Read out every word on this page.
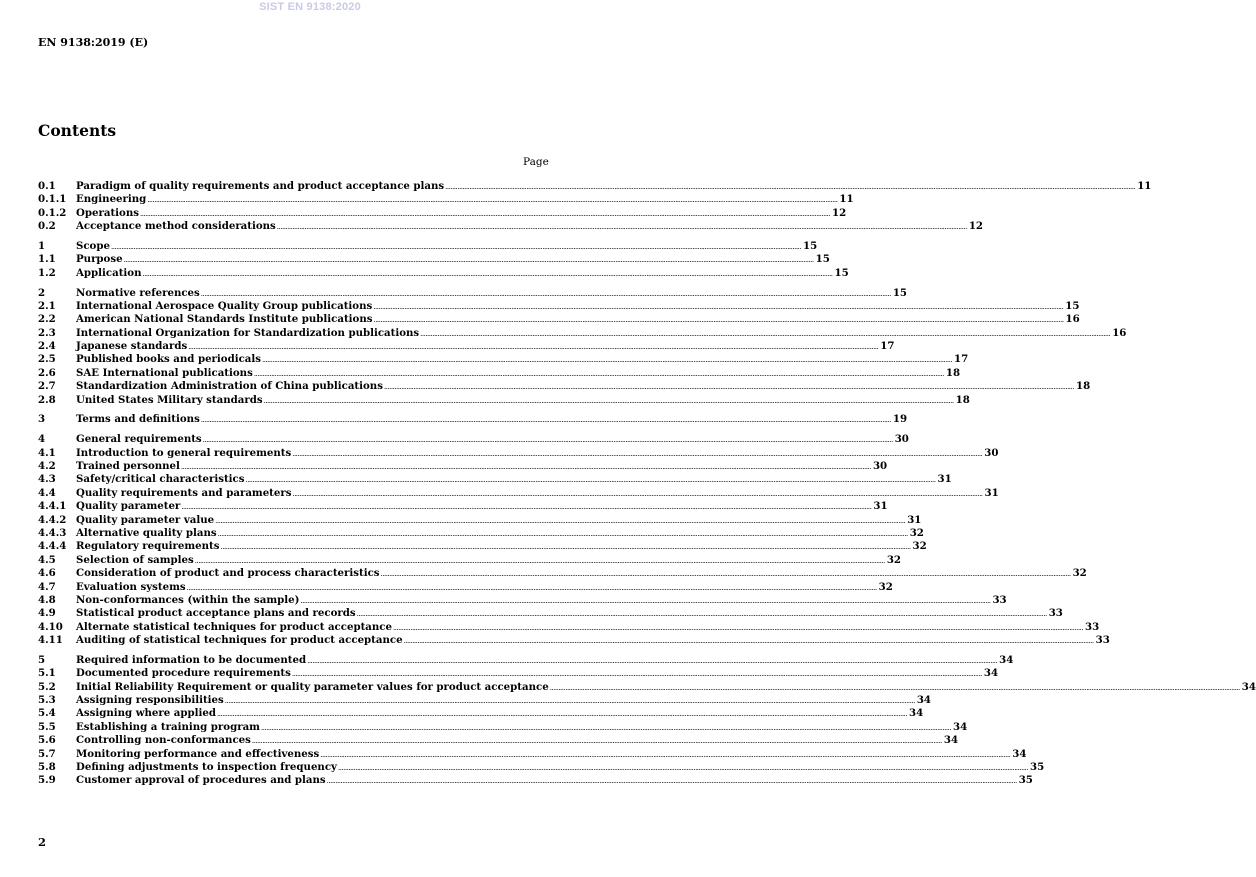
SIST EN 9138:2020
EN 9138:2019 (E)
Contents
Page
0.1	Paradigm of quality requirements and product acceptance plans ................................................................................................................................................................................................................................................................................................................................................................................................................ 11
0.1.1 Engineering ................................................................................................................................................................................................................................................................................................................................................................................................................ 11
0.1.2 Operations ................................................................................................................................................................................................................................................................................................................................................................................................................ 12
0.2	Acceptance method considerations ................................................................................................................................................................................................................................................................................................................................................................................................................ 12
1	Scope ................................................................................................................................................................................................................................................................................................................................................................................................................ 15
1.1	Purpose ................................................................................................................................................................................................................................................................................................................................................................................................................ 15
1.2	Application ................................................................................................................................................................................................................................................................................................................................................................................................................ 15
2	Normative references ................................................................................................................................................................................................................................................................................................................................................................................................................ 15
2.1	International Aerospace Quality Group publications ................................................................................................................................................................................................................................................................................................................................................................................................................ 15
2.2	American National Standards Institute publications ................................................................................................................................................................................................................................................................................................................................................................................................................ 16
2.3	International Organization for Standardization publications ................................................................................................................................................................................................................................................................................................................................................................................................................ 16
2.4	Japanese standards ................................................................................................................................................................................................................................................................................................................................................................................................................ 17
2.5	Published books and periodicals ................................................................................................................................................................................................................................................................................................................................................................................................................ 17
2.6	SAE International publications ................................................................................................................................................................................................................................................................................................................................................................................................................ 18
2.7	Standardization Administration of China publications ................................................................................................................................................................................................................................................................................................................................................................................................................ 18
2.8	United States Military standards ................................................................................................................................................................................................................................................................................................................................................................................................................ 18
3	Terms and definitions ................................................................................................................................................................................................................................................................................................................................................................................................................ 19
4	General requirements ................................................................................................................................................................................................................................................................................................................................................................................................................ 30
4.1	Introduction to general requirements ................................................................................................................................................................................................................................................................................................................................................................................................................ 30
4.2	Trained personnel ................................................................................................................................................................................................................................................................................................................................................................................................................ 30
4.3	Safety/critical characteristics ................................................................................................................................................................................................................................................................................................................................................................................................................ 31
4.4	Quality requirements and parameters ................................................................................................................................................................................................................................................................................................................................................................................................................ 31
4.4.1 Quality parameter ................................................................................................................................................................................................................................................................................................................................................................................................................ 31
4.4.2 Quality parameter value ................................................................................................................................................................................................................................................................................................................................................................................................................ 31
4.4.3 Alternative quality plans ................................................................................................................................................................................................................................................................................................................................................................................................................ 32
4.4.4 Regulatory requirements ................................................................................................................................................................................................................................................................................................................................................................................................................ 32
4.5	Selection of samples ................................................................................................................................................................................................................................................................................................................................................................................................................ 32
4.6	Consideration of product and process characteristics ................................................................................................................................................................................................................................................................................................................................................................................................................ 32
4.7	Evaluation systems ................................................................................................................................................................................................................................................................................................................................................................................................................ 32
4.8	Non-conformances (within the sample) ................................................................................................................................................................................................................................................................................................................................................................................................................ 33
4.9	Statistical product acceptance plans and records ................................................................................................................................................................................................................................................................................................................................................................................................................ 33
4.10	Alternate statistical techniques for product acceptance ................................................................................................................................................................................................................................................................................................................................................................................................................ 33
4.11	Auditing of statistical techniques for product acceptance ................................................................................................................................................................................................................................................................................................................................................................................................................ 33
5	Required information to be documented ................................................................................................................................................................................................................................................................................................................................................................................................................ 34
5.1	Documented procedure requirements ................................................................................................................................................................................................................................................................................................................................................................................................................ 34
5.2	Initial Reliability Requirement or quality parameter values for product acceptance ................................................................................................................................................................................................................................................................................................................................................................................................................ 34
5.3	Assigning responsibilities ................................................................................................................................................................................................................................................................................................................................................................................................................ 34
5.4	Assigning where applied ................................................................................................................................................................................................................................................................................................................................................................................................................ 34
5.5	Establishing a training program ................................................................................................................................................................................................................................................................................................................................................................................................................ 34
5.6	Controlling non-conformances ................................................................................................................................................................................................................................................................................................................................................................................................................ 34
5.7	Monitoring performance and effectiveness ................................................................................................................................................................................................................................................................................................................................................................................................................ 34
5.8	Defining adjustments to inspection frequency ................................................................................................................................................................................................................................................................................................................................................................................................................ 35
5.9	Customer approval of procedures and plans ................................................................................................................................................................................................................................................................................................................................................................................................................ 35
2
